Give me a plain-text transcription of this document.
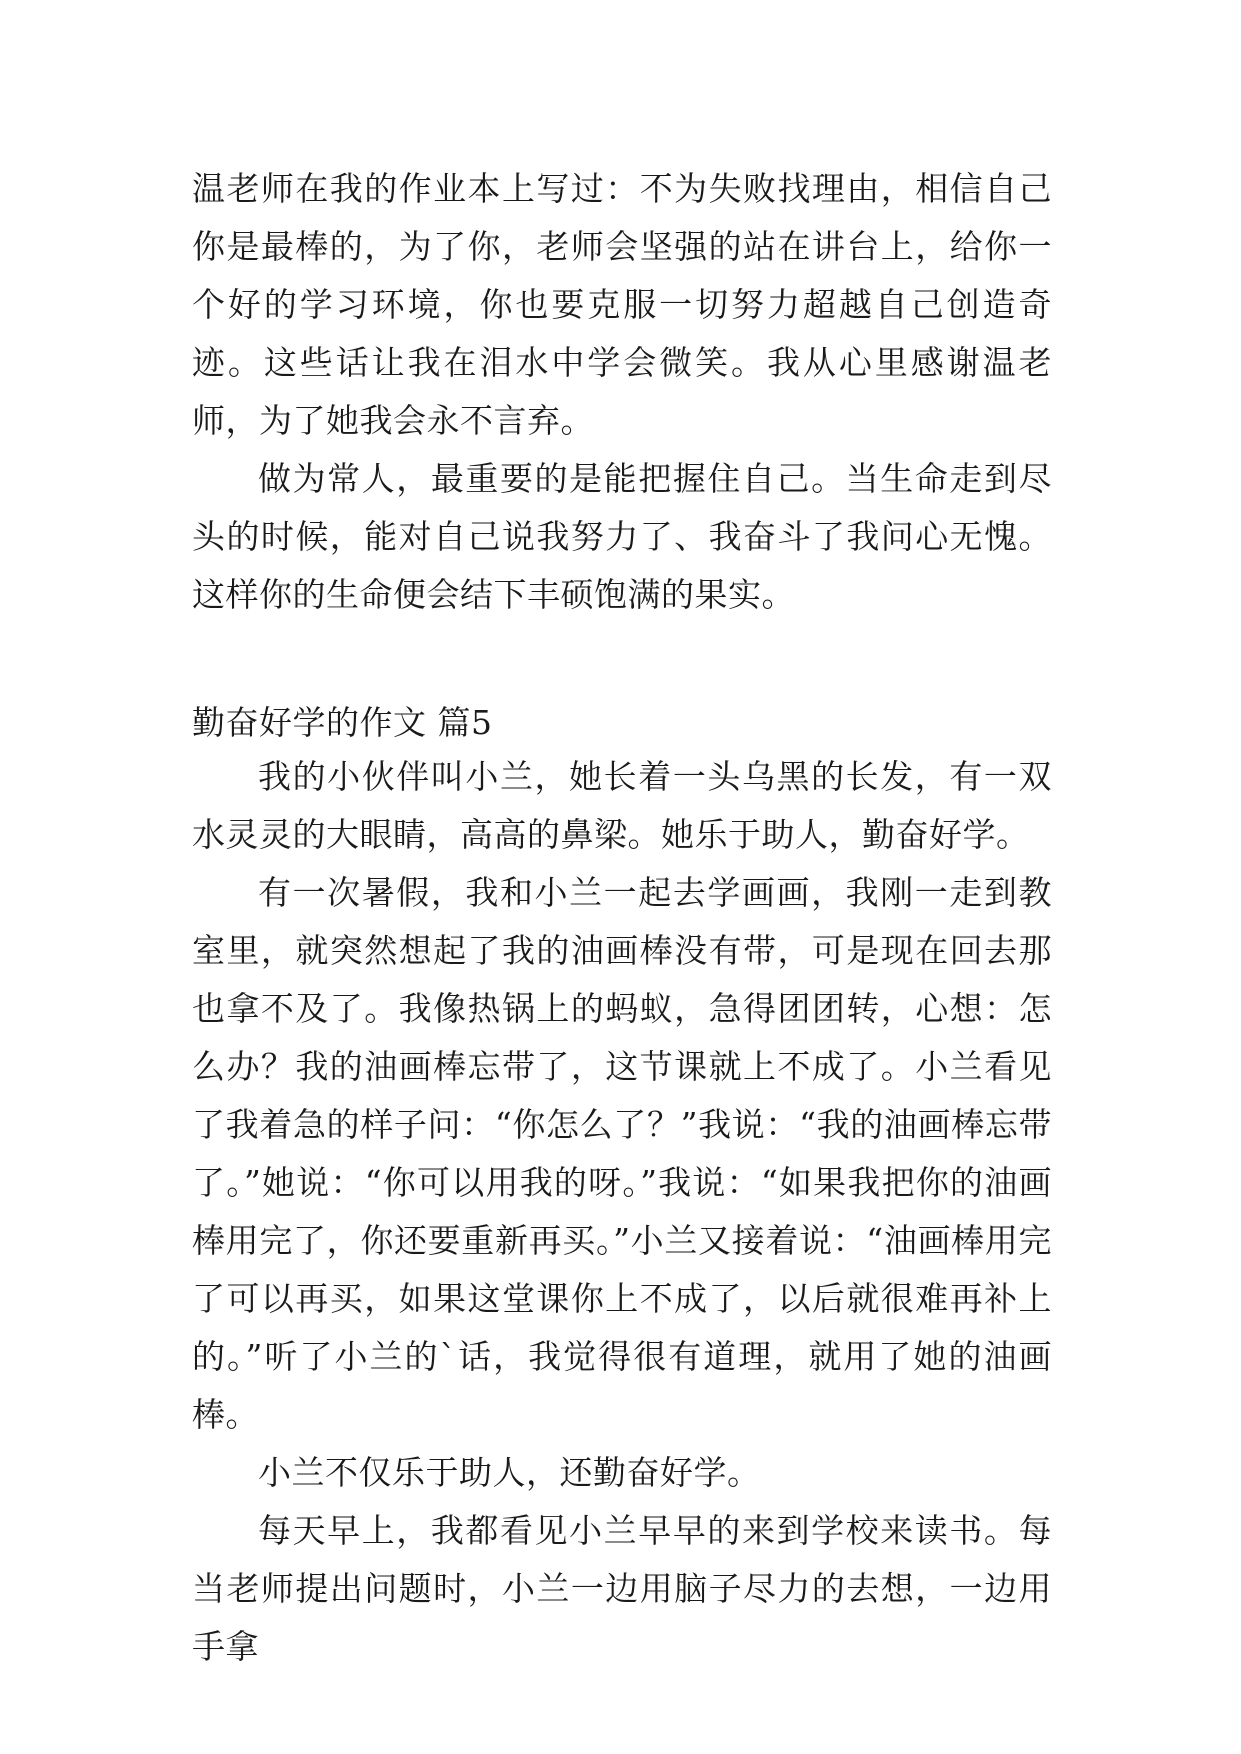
温老师在我的作业本上写过：不为失败找理由，相信自己你是最棒的，为了你，老师会坚强的站在讲台上，给你一个好的学习环境，你也要克服一切努力超越自己创造奇迹。这些话让我在泪水中学会微笑。我从心里感谢温老师，为了她我会永不言弃。

做为常人，最重要的是能把握住自己。当生命走到尽头的时候，能对自己说我努力了、我奋斗了我问心无愧。这样你的生命便会结下丰硕饱满的果实。

勤奋好学的作文 篇5

我的小伙伴叫小兰，她长着一头乌黑的长发，有一双水灵灵的大眼睛，高高的鼻梁。她乐于助人，勤奋好学。

有一次暑假，我和小兰一起去学画画，我刚一走到教室里，就突然想起了我的油画棒没有带，可是现在回去那也拿不及了。我像热锅上的蚂蚁，急得团团转，心想：怎么办？我的油画棒忘带了，这节课就上不成了。小兰看见了我着急的样子问：“你怎么了？”我说：“我的油画棒忘带了。”她说：“你可以用我的呀。”我说：“如果我把你的油画棒用完了，你还要重新再买。”小兰又接着说：“油画棒用完了可以再买，如果这堂课你上不成了，以后就很难再补上的。”听了小兰的`话，我觉得很有道理，就用了她的油画棒。

小兰不仅乐于助人，还勤奋好学。

每天早上，我都看见小兰早早的来到学校来读书。每当老师提出问题时，小兰一边用脑子尽力的去想，一边用手拿
